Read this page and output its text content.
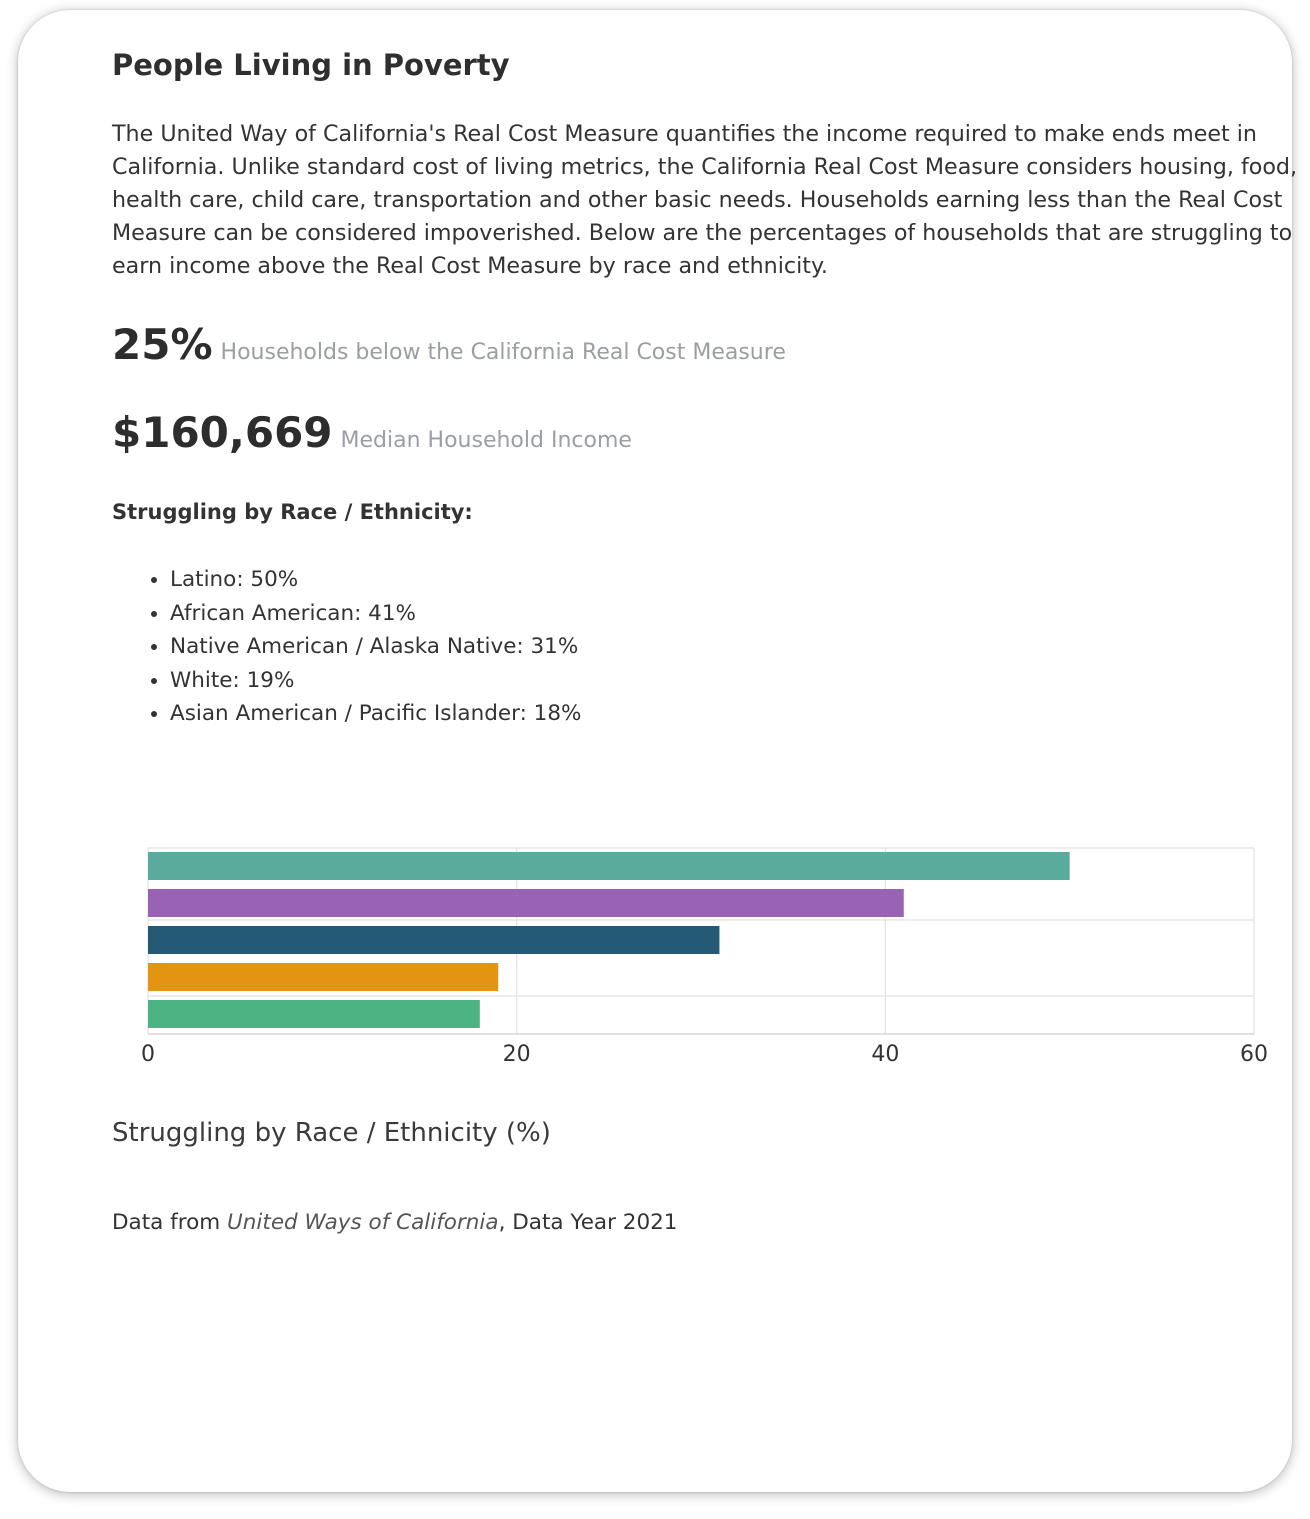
People Living in Poverty

The United Way of California's Real Cost Measure quantifies the income required to make ends meet in California. Unlike standard cost of living metrics, the California Real Cost Measure considers housing, food, health care, child care, transportation and other basic needs. Households earning less than the Real Cost Measure can be considered impoverished. Below are the percentages of households that are struggling to earn income above the Real Cost Measure by race and ethnicity.

25% Households below the California Real Cost Measure
$160,669 Median Household Income

Struggling by Race / Ethnicity:

• Latino: 50%
• African American: 41%
• Native American / Alaska Native: 31%
• White: 19%
• Asian American / Pacific Islander: 18%
0	20	40	60

Struggling by Race / Ethnicity (%)

Data from United Ways of California, Data Year 2021
